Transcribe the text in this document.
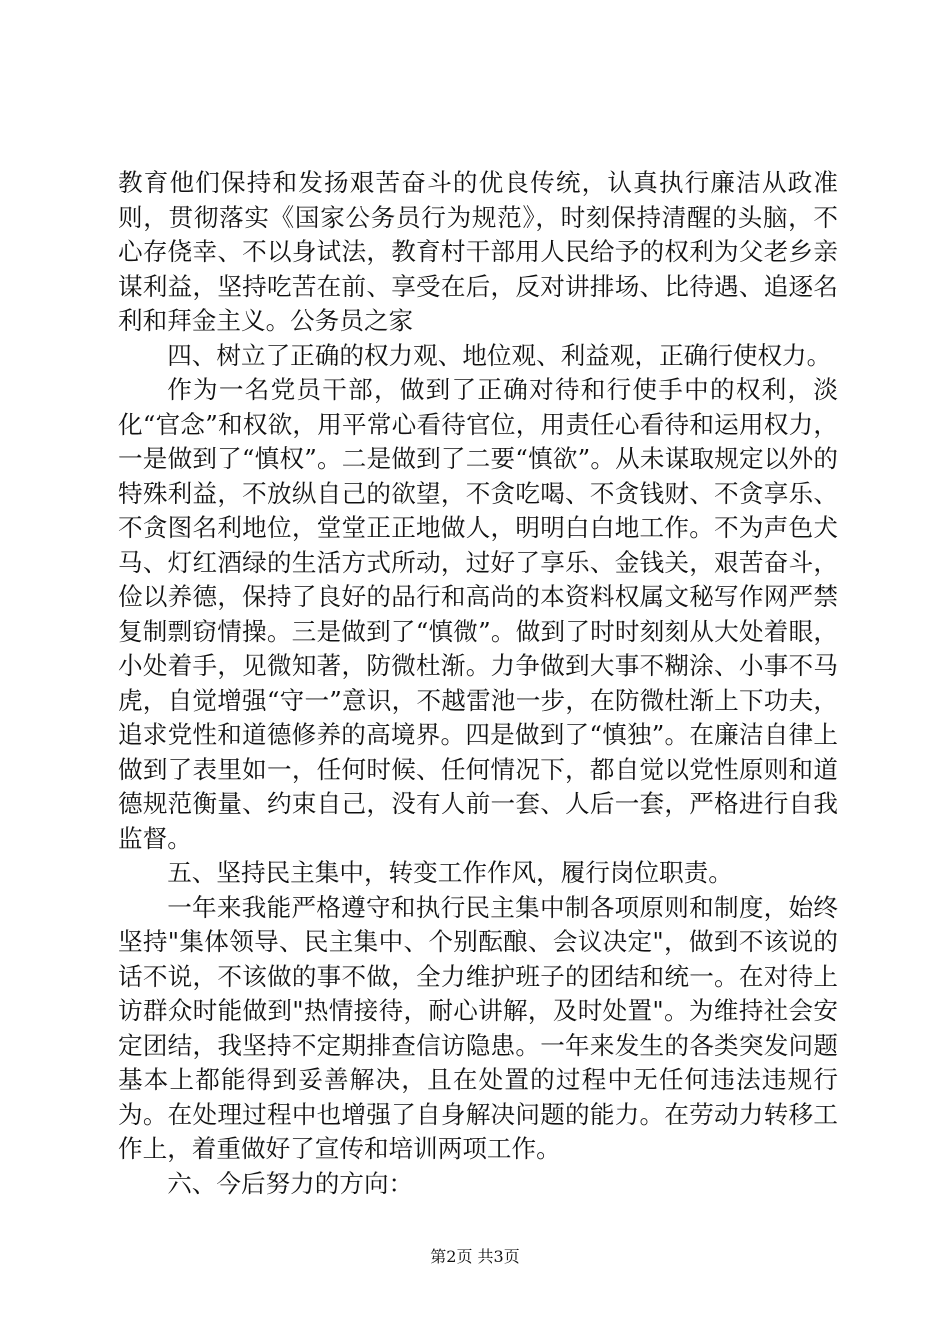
教育他们保持和发扬艰苦奋斗的优良传统，认真执行廉洁从政准则，贯彻落实《国家公务员行为规范》，时刻保持清醒的头脑，不心存侥幸、不以身试法，教育村干部用人民给予的权利为父老乡亲谋利益，坚持吃苦在前、享受在后，反对讲排场、比待遇、追逐名利和拜金主义。公务员之家

四、树立了正确的权力观、地位观、利益观，正确行使权力。

作为一名党员干部，做到了正确对待和行使手中的权利，淡化“官念”和权欲，用平常心看待官位，用责任心看待和运用权力，一是做到了“慎权”。二是做到了二要“慎欲”。从未谋取规定以外的特殊利益，不放纵自己的欲望，不贪吃喝、不贪钱财、不贪享乐、不贪图名利地位，堂堂正正地做人，明明白白地工作。不为声色犬马、灯红酒绿的生活方式所动，过好了享乐、金钱关，艰苦奋斗，俭以养德，保持了良好的品行和高尚的本资料权属文秘写作网严禁复制剽窃情操。三是做到了“慎微”。做到了时时刻刻从大处着眼，小处着手，见微知著，防微杜渐。力争做到大事不糊涂、小事不马虎，自觉增强“守一”意识，不越雷池一步，在防微杜渐上下功夫，追求党性和道德修养的高境界。四是做到了“慎独”。在廉洁自律上做到了表里如一，任何时候、任何情况下，都自觉以党性原则和道德规范衡量、约束自己，没有人前一套、人后一套，严格进行自我监督。

五、坚持民主集中，转变工作作风，履行岗位职责。

一年来我能严格遵守和执行民主集中制各项原则和制度，始终坚持"集体领导、民主集中、个别酝酿、会议决定"，做到不该说的话不说，不该做的事不做，全力维护班子的团结和统一。在对待上访群众时能做到"热情接待，耐心讲解，及时处置"。为维持社会安定团结，我坚持不定期排查信访隐患。一年来发生的各类突发问题基本上都能得到妥善解决，且在处置的过程中无任何违法违规行为。在处理过程中也增强了自身解决问题的能力。在劳动力转移工作上，着重做好了宣传和培训两项工作。

六、今后努力的方向：

第2页 共3页
